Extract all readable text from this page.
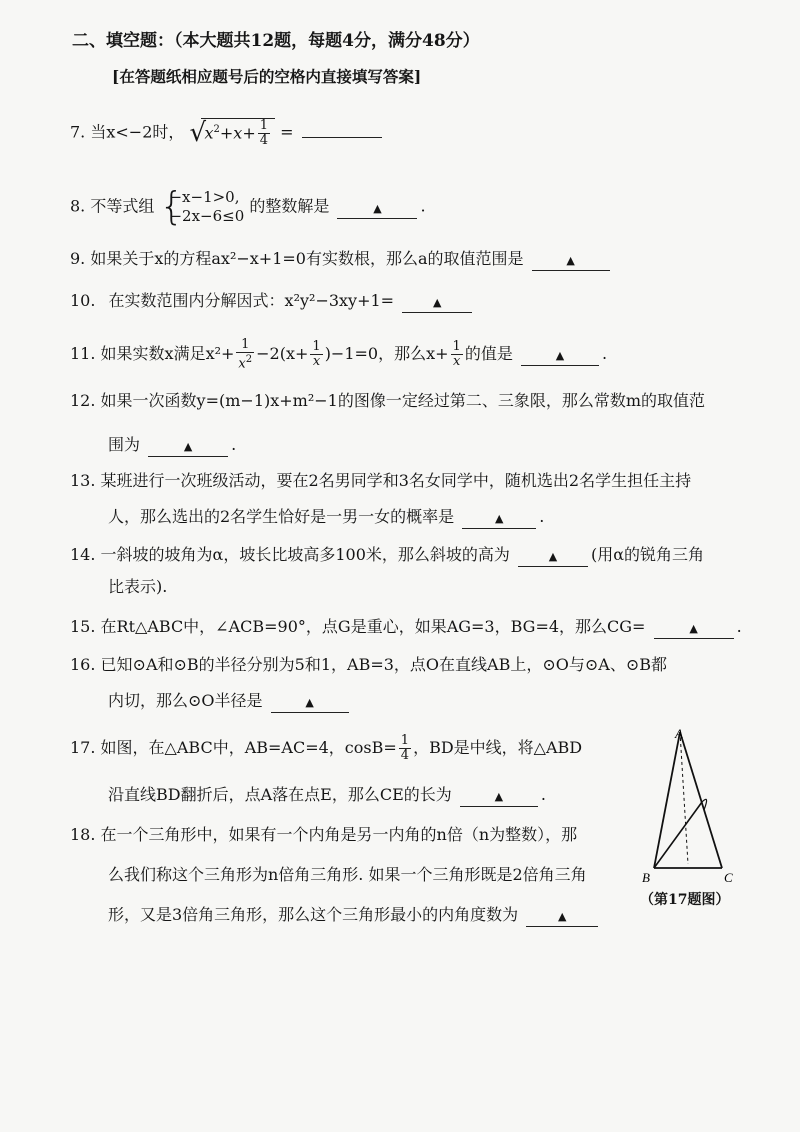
二、填空题：（本大题共12题，每题4分，满分48分）
[在答题纸相应题号后的空格内直接填写答案]
7. 当x<−2时， √
$x^2+x+ \frac{1}{4}$ =
8. 不等式组 {
−x−1>0,
−2x−6≤0
的整数解是	▲ .
9. 如果关于x的方程ax²−x+1=0有实数根，那么a的取值范围是	▲
10. 在实数范围内分解因式：x²y²−3xy+1=	▲
11. 如果实数x满足$x^2+ \frac{1}{x^2} -2(x+ \frac{1}{x} )-1=0$，那么$x+ \frac{1}{x}$ 的值是	▲ .
12. 如果一次函数y=(m−1)x+m²−1的图像一定经过第二、三象限，那么常数m的取值范
围为	▲ .
13. 某班进行一次班级活动，要在2名男同学和3名女同学中，随机选出2名学生担任主持
人，那么选出的2名学生恰好是一男一女的概率是	▲ .
14. 一斜坡的坡角为α，坡长比坡高多100米，那么斜坡的高为	▲ (用α的锐角三角
比表示).
15. 在Rt△ABC中，∠ACB=90°，点G是重心，如果AG=3，BG=4，那么CG=	▲ .
16. 已知⊙A和⊙B的半径分别为5和1，AB=3，点O在直线AB上，⊙O与⊙A、⊙B都
内切，那么⊙O半径是	▲
17. 如图，在△ABC中，AB=AC=4，$\cos B= \frac{1}{4}$ ，BD是中线，将△ABD
沿直线BD翻折后，点A落在点E，那么CE的长为	▲ .
18. 在一个三角形中，如果有一个内角是另一内角的n倍（n为整数），那
么我们称这个三角形为n倍角三角形. 如果一个三角形既是2倍角三角
形，又是3倍角三角形，那么这个三角形最小的内角度数为	▲
A
B	C
（第17题图）
